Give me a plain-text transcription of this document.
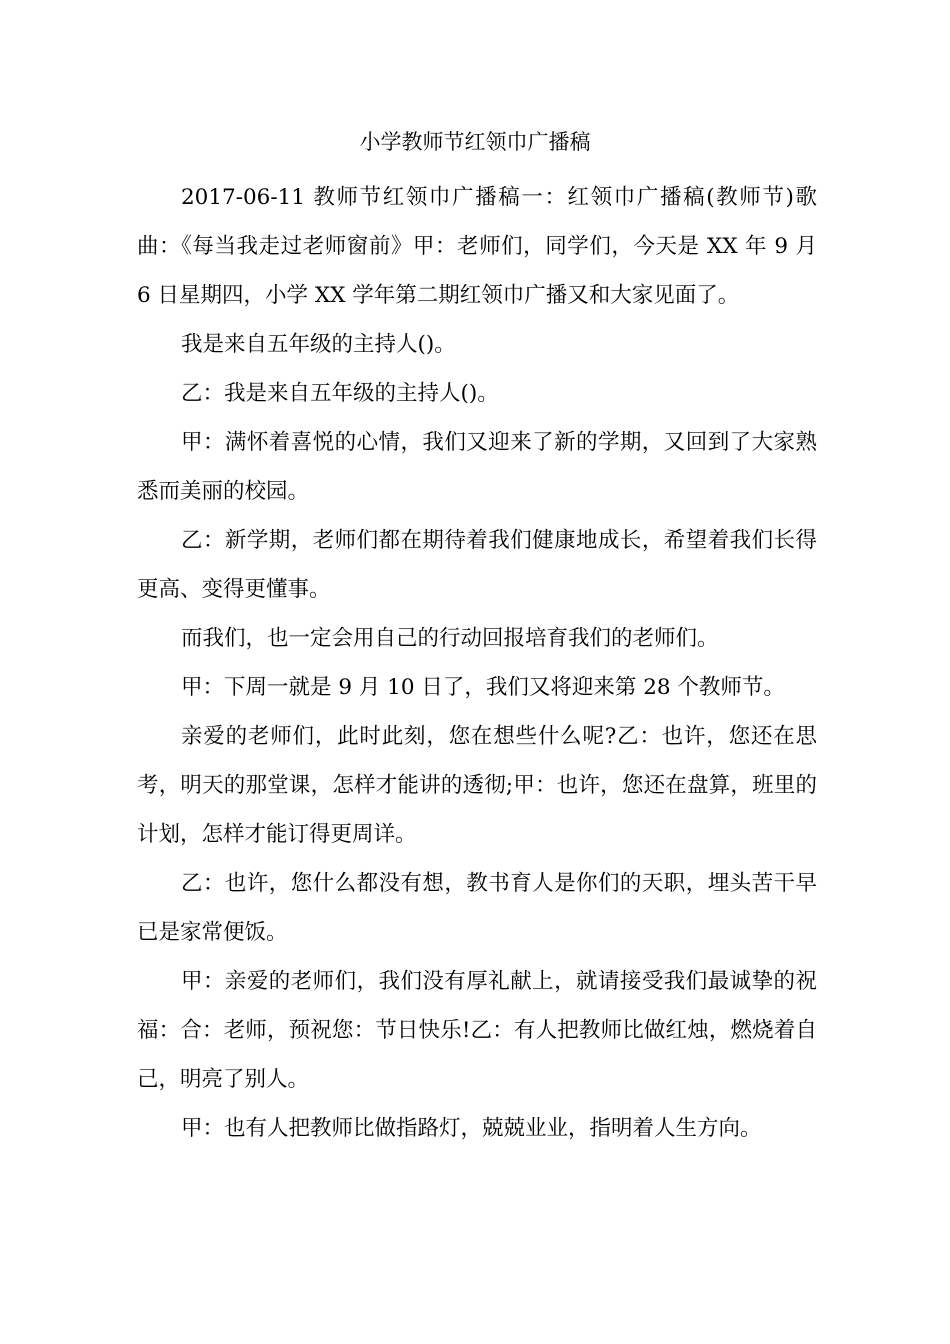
小学教师节红领巾广播稿

2017-06-11 教师节红领巾广播稿一：红领巾广播稿(教师节)歌曲：《每当我走过老师窗前》甲：老师们，同学们，今天是 XX 年 9 月 6 日星期四，小学 XX 学年第二期红领巾广播又和大家见面了。

我是来自五年级的主持人()。

乙：我是来自五年级的主持人()。

甲：满怀着喜悦的心情，我们又迎来了新的学期，又回到了大家熟悉而美丽的校园。

乙：新学期，老师们都在期待着我们健康地成长，希望着我们长得更高、变得更懂事。

而我们，也一定会用自己的行动回报培育我们的老师们。

甲：下周一就是 9 月 10 日了，我们又将迎来第 28 个教师节。

亲爱的老师们，此时此刻，您在想些什么呢?乙：也许，您还在思考，明天的那堂课，怎样才能讲的透彻;甲：也许，您还在盘算，班里的计划，怎样才能订得更周详。

乙：也许，您什么都没有想，教书育人是你们的天职，埋头苦干早已是家常便饭。

甲：亲爱的老师们，我们没有厚礼献上，就请接受我们最诚挚的祝福：合：老师，预祝您：节日快乐!乙：有人把教师比做红烛，燃烧着自己，明亮了别人。

甲：也有人把教师比做指路灯，兢兢业业，指明着人生方向。
